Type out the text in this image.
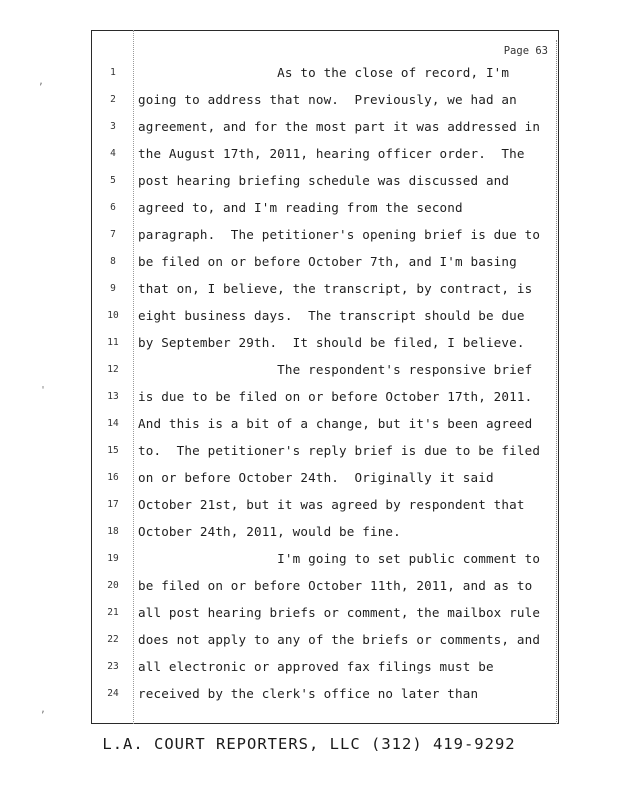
Page 63
,
'
,
1	As to the close of record, I'm
2	going to address that now.  Previously, we had an
3	agreement, and for the most part it was addressed in
4	the August 17th, 2011, hearing officer order.  The
5	post hearing briefing schedule was discussed and
6	agreed to, and I'm reading from the second
7	paragraph.  The petitioner's opening brief is due to
8	be filed on or before October 7th, and I'm basing
9	that on, I believe, the transcript, by contract, is
10	eight business days.  The transcript should be due
11	by September 29th.  It should be filed, I believe.
12	The respondent's responsive brief
13	is due to be filed on or before October 17th, 2011.
14	And this is a bit of a change, but it's been agreed
15	to.  The petitioner's reply brief is due to be filed
16	on or before October 24th.  Originally it said
17	October 21st, but it was agreed by respondent that
18	October 24th, 2011, would be fine.
19	I'm going to set public comment to
20	be filed on or before October 11th, 2011, and as to
21	all post hearing briefs or comment, the mailbox rule
22	does not apply to any of the briefs or comments, and
23	all electronic or approved fax filings must be
24	received by the clerk's office no later than
L.A. COURT REPORTERS, LLC (312) 419-9292
